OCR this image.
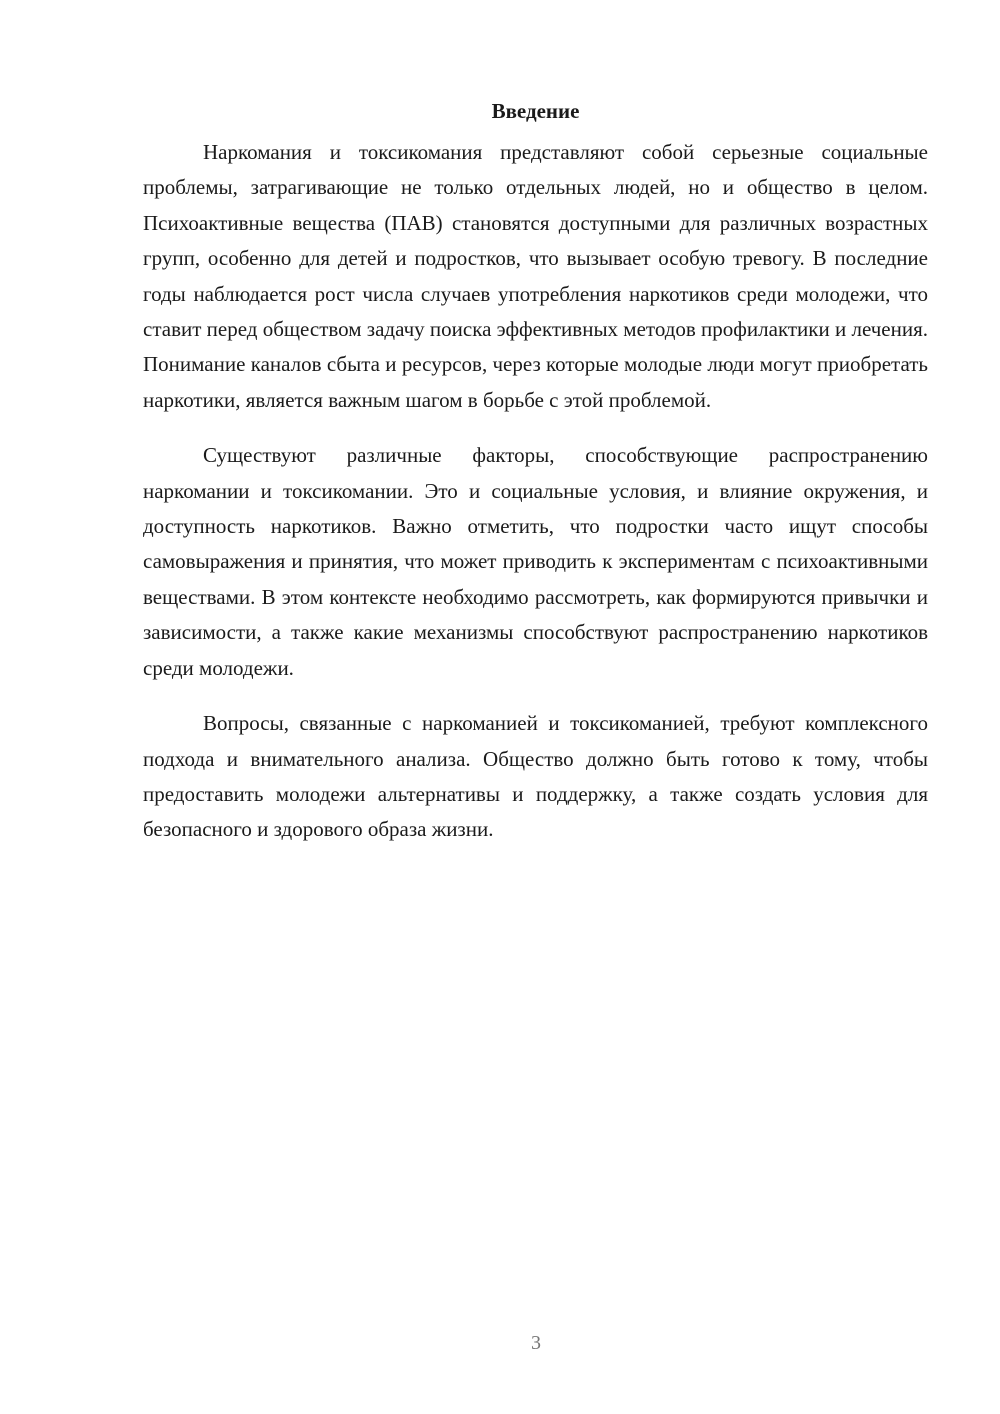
Введение

Наркомания и токсикомания представляют собой серьезные социальные проблемы, затрагивающие не только отдельных людей, но и общество в целом. Психоактивные вещества (ПАВ) становятся доступными для различных возрастных групп, особенно для детей и подростков, что вызывает особую тревогу. В последние годы наблюдается рост числа случаев употребления наркотиков среди молодежи, что ставит перед обществом задачу поиска эффективных методов профилактики и лечения. Понимание каналов сбыта и ресурсов, через которые молодые люди могут приобретать наркотики, является важным шагом в борьбе с этой проблемой.

Существуют различные факторы, способствующие распространению наркомании и токсикомании. Это и социальные условия, и влияние окружения, и доступность наркотиков. Важно отметить, что подростки часто ищут способы самовыражения и принятия, что может приводить к экспериментам с психоактивными веществами. В этом контексте необходимо рассмотреть, как формируются привычки и зависимости, а также какие механизмы способствуют распространению наркотиков среди молодежи.

Вопросы, связанные с наркоманией и токсикоманией, требуют комплексного подхода и внимательного анализа. Общество должно быть готово к тому, чтобы предоставить молодежи альтернативы и поддержку, а также создать условия для безопасного и здорового образа жизни.

3
